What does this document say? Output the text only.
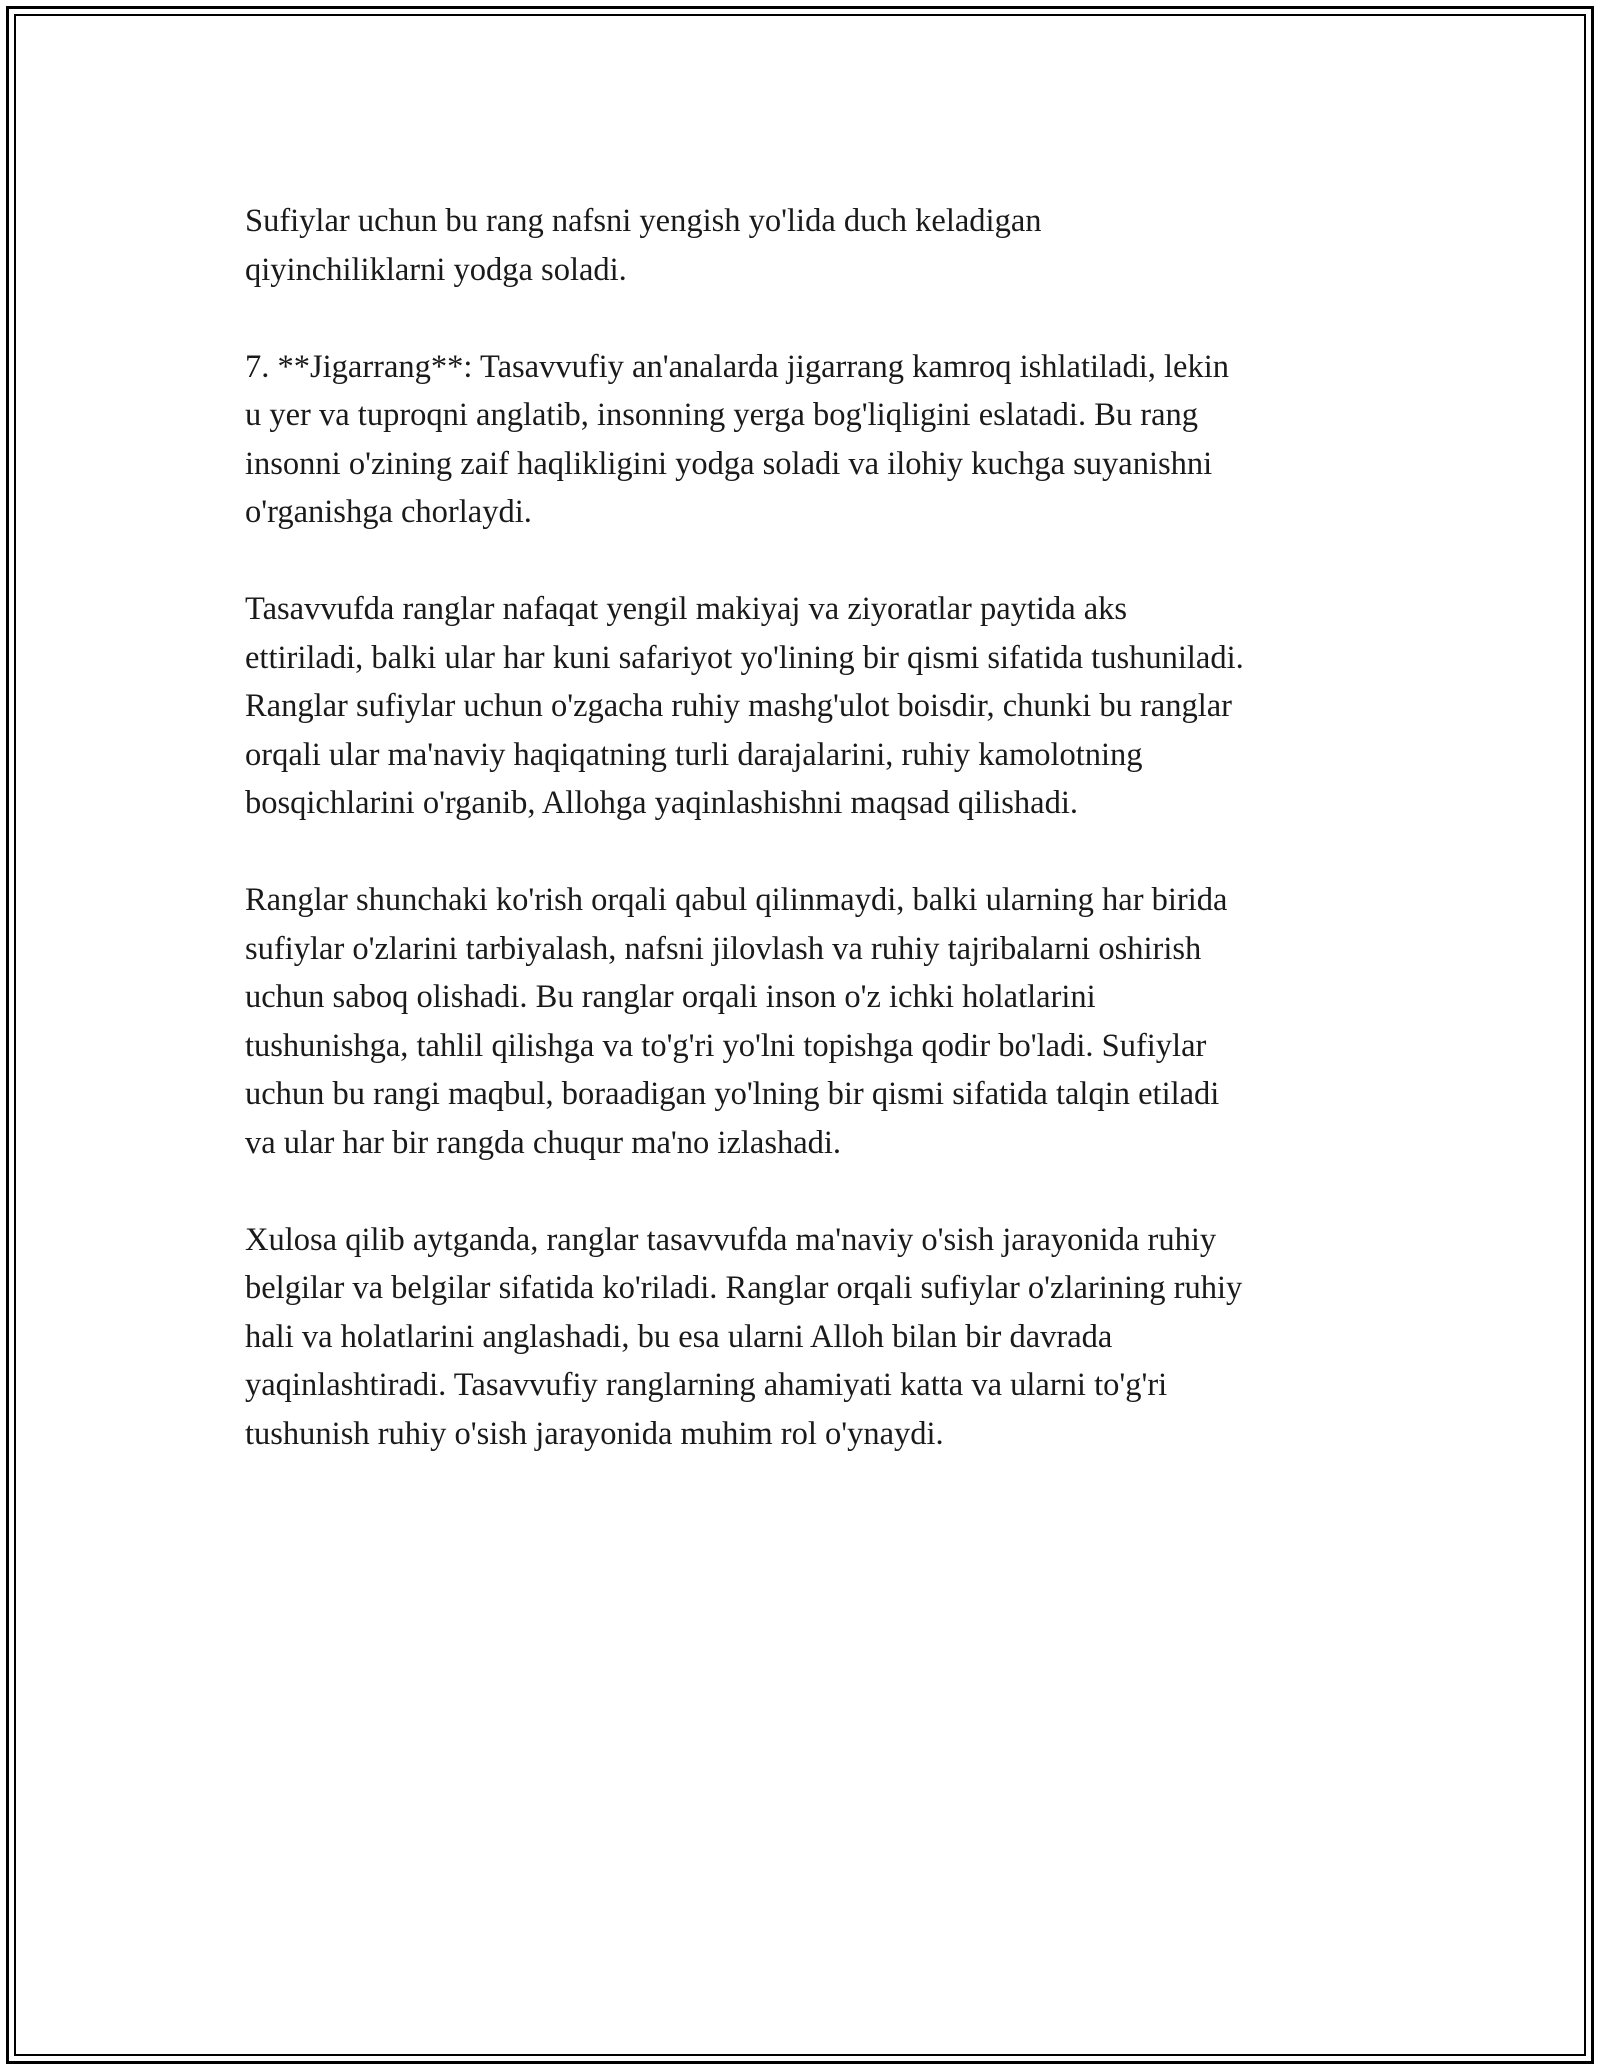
Sufiylar uchun bu rang nafsni yengish yo'lida duch keladigan
qiyinchiliklarni yodga soladi.

7. **Jigarrang**: Tasavvufiy an'analarda jigarrang kamroq ishlatiladi, lekin
u yer va tuproqni anglatib, insonning yerga bog'liqligini eslatadi. Bu rang
insonni o'zining zaif haqlikligini yodga soladi va ilohiy kuchga suyanishni
o'rganishga chorlaydi.

Tasavvufda ranglar nafaqat yengil makiyaj va ziyoratlar paytida aks
ettiriladi, balki ular har kuni safariyot yo'lining bir qismi sifatida tushuniladi.
Ranglar sufiylar uchun o'zgacha ruhiy mashg'ulot boisdir, chunki bu ranglar
orqali ular ma'naviy haqiqatning turli darajalarini, ruhiy kamolotning
bosqichlarini o'rganib, Allohga yaqinlashishni maqsad qilishadi.

Ranglar shunchaki ko'rish orqali qabul qilinmaydi, balki ularning har birida
sufiylar o'zlarini tarbiyalash, nafsni jilovlash va ruhiy tajribalarni oshirish
uchun saboq olishadi. Bu ranglar orqali inson o'z ichki holatlarini
tushunishga, tahlil qilishga va to'g'ri yo'lni topishga qodir bo'ladi. Sufiylar
uchun bu rangi maqbul, boraadigan yo'lning bir qismi sifatida talqin etiladi
va ular har bir rangda chuqur ma'no izlashadi.

Xulosa qilib aytganda, ranglar tasavvufda ma'naviy o'sish jarayonida ruhiy
belgilar va belgilar sifatida ko'riladi. Ranglar orqali sufiylar o'zlarining ruhiy
hali va holatlarini anglashadi, bu esa ularni Alloh bilan bir davrada
yaqinlashtiradi. Tasavvufiy ranglarning ahamiyati katta va ularni to'g'ri
tushunish ruhiy o'sish jarayonida muhim rol o'ynaydi.
